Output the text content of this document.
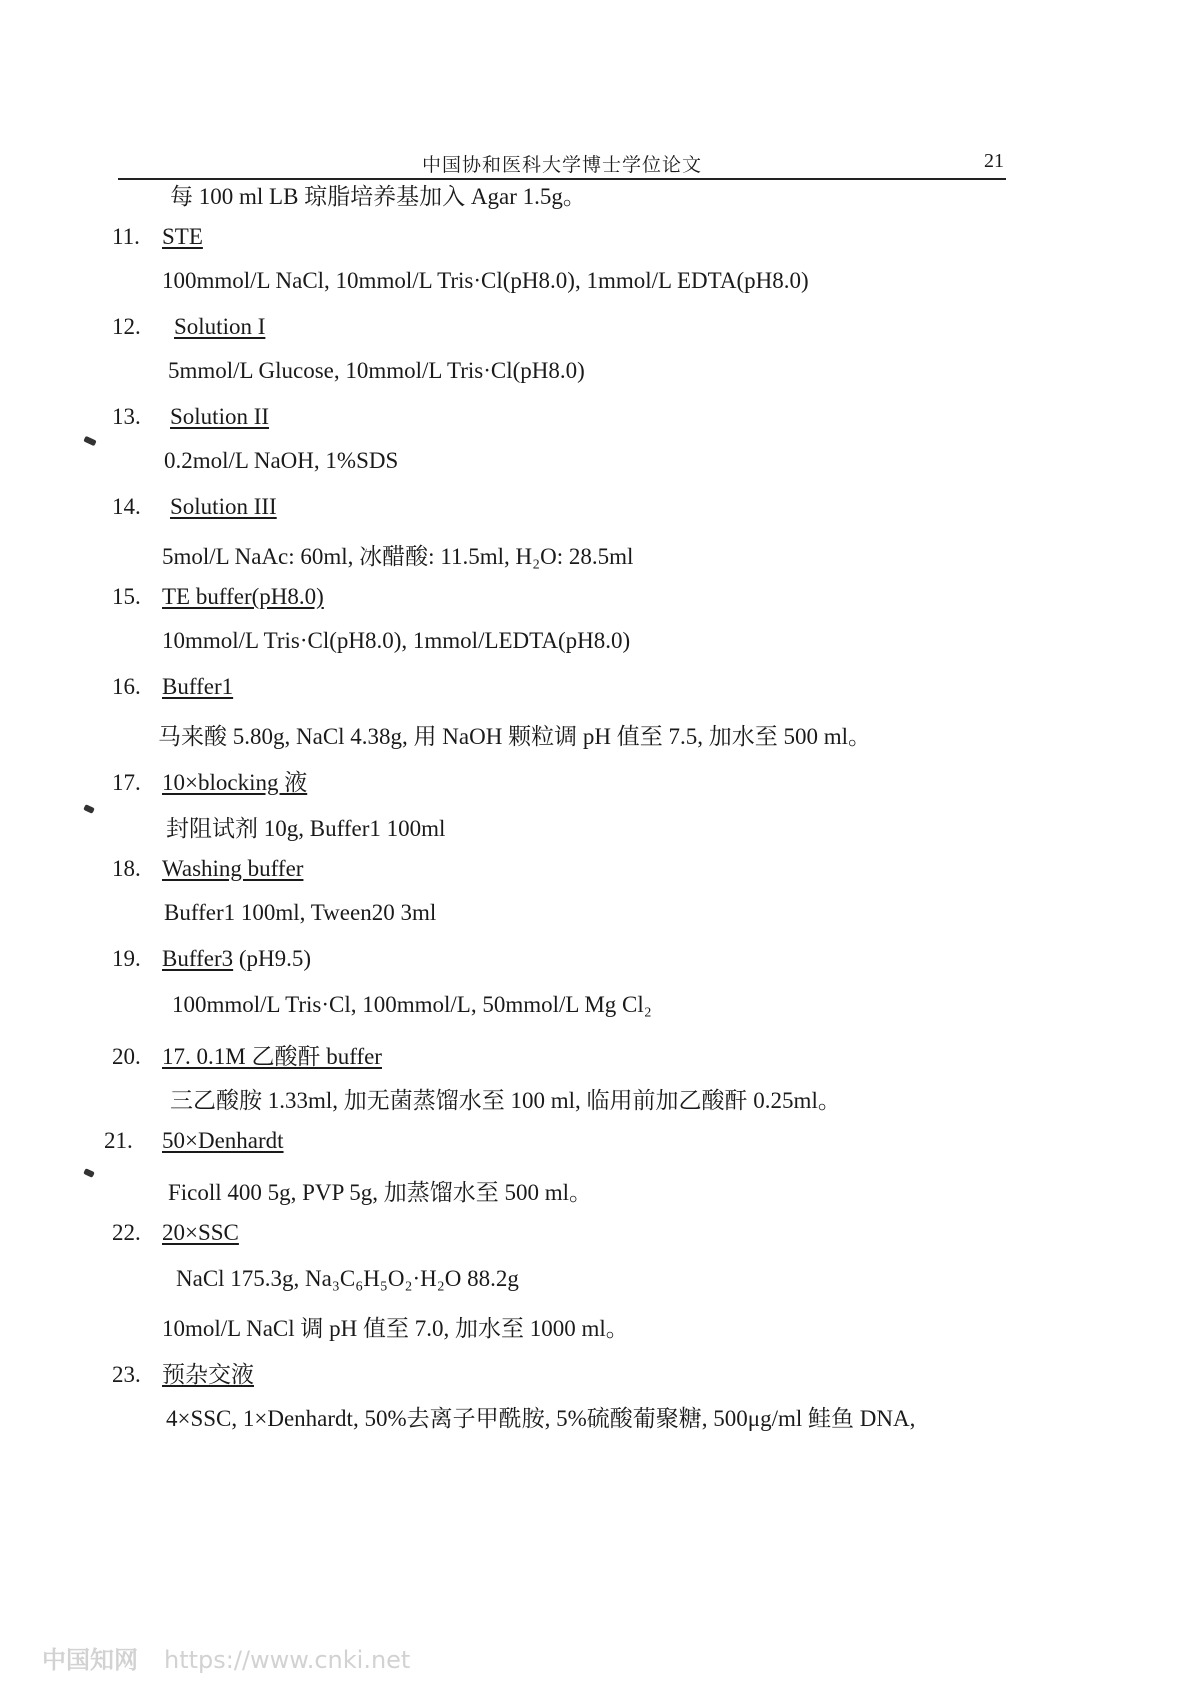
中国协和医科大学博士学位论文	21
每 100 ml LB 琼脂培养基加入 Agar 1.5g。
11. STE
100mmol/L NaCl, 10mmol/L Tris·Cl(pH8.0), 1mmol/L EDTA(pH8.0)
12. Solution I
5mmol/L Glucose, 10mmol/L Tris·Cl(pH8.0)
13. Solution II
0.2mol/L NaOH, 1%SDS
14. Solution III
5mol/L NaAc: 60ml, 冰醋酸: 11.5ml, H₂O: 28.5ml
15. TE buffer(pH8.0)
10mmol/L Tris·Cl(pH8.0), 1mmol/LEDTA(pH8.0)
16. Buffer1
马来酸 5.80g, NaCl 4.38g, 用 NaOH 颗粒调 pH 值至 7.5, 加水至 500 ml。
17. 10×blocking 液
封阻试剂 10g, Buffer1 100ml
18. Washing buffer
Buffer1 100ml, Tween20 3ml
19. Buffer3 (pH9.5)
100mmol/L Tris·Cl, 100mmol/L, 50mmol/L Mg Cl₂
20. 17. 0.1M 乙酸酐 buffer
三乙酸胺 1.33ml, 加无菌蒸馏水至 100 ml, 临用前加乙酸酐 0.25ml。
21. 50×Denhardt
Ficoll 400 5g, PVP 5g, 加蒸馏水至 500 ml。
22. 20×SSC
NaCl 175.3g, Na₃C₆H₅O₂·H₂O 88.2g
10mol/L NaCl 调 pH 值至 7.0, 加水至 1000 ml。
23. 预杂交液
4×SSC, 1×Denhardt, 50%去离子甲酰胺, 5%硫酸葡聚糖, 500μg/ml 鲑鱼 DNA,
中国知网 https://www.cnki.net
